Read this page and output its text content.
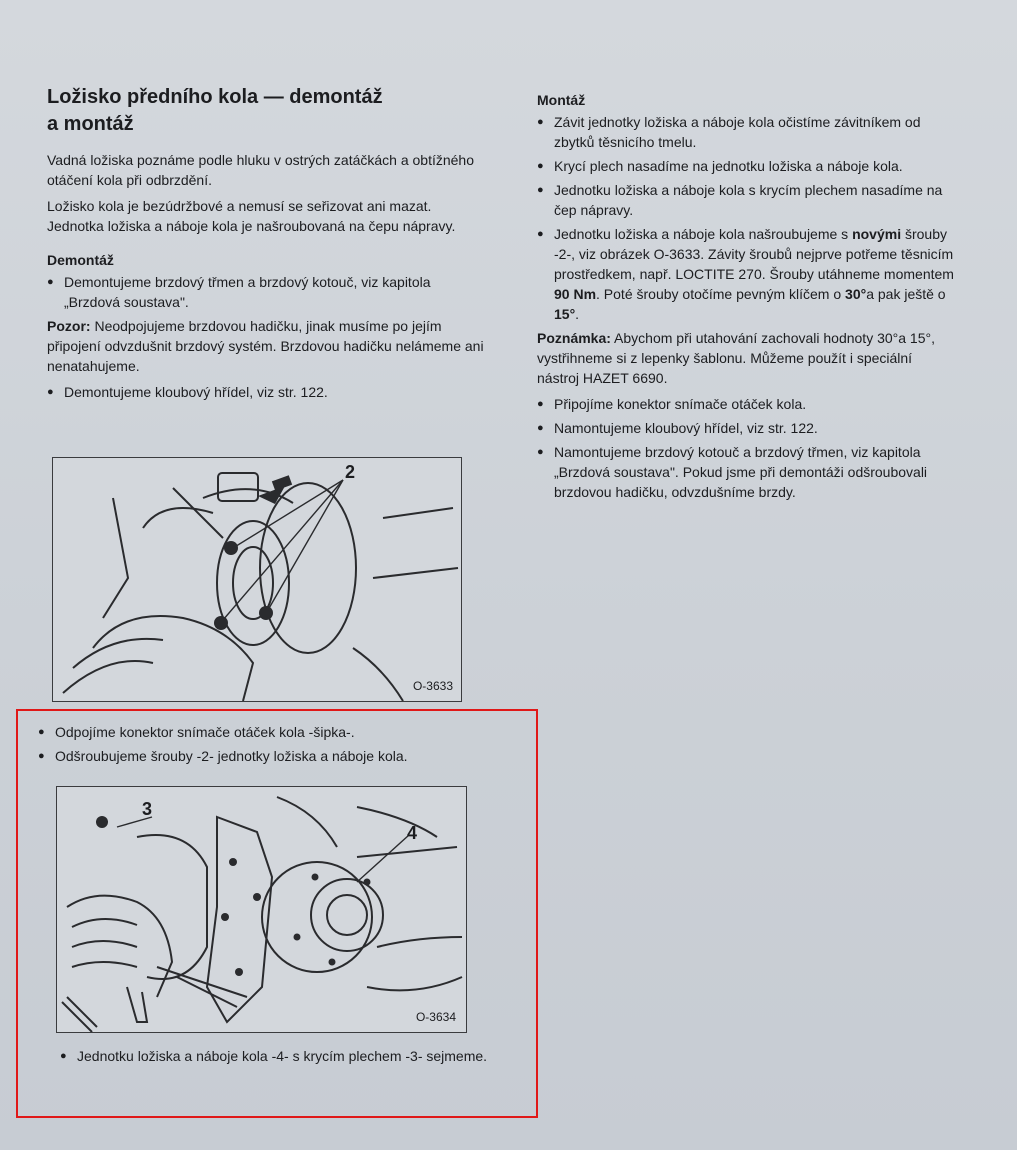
Ložisko předního kola — demontáž
a montáž

Vadná ložiska poznáme podle hluku v ostrých zatáčkách a obtížného otáčení kola při odbrzdění.

Ložisko kola je bezúdržbové a nemusí se seřizovat ani mazat. Jednotka ložiska a náboje kola je našroubovaná na čepu nápravy.

Demontáž
● Demontujeme brzdový třmen a brzdový kotouč, viz kapitola „Brzdová soustava".

Pozor: Neodpojujeme brzdovou hadičku, jinak musíme po jejím připojení odvzdušnit brzdový systém. Brzdovou hadičku nelámeme ani nenatahujeme.

● Demontujeme kloubový hřídel, viz str. 122.
2
O-3633
● Odpojíme konektor snímače otáček kola -šipka-.
● Odšroubujeme šrouby -2- jednotky ložiska a náboje kola.
3
4
O-3634
● Jednotku ložiska a náboje kola -4- s krycím plechem -3- sejmeme.
Montáž
● Závit jednotky ložiska a náboje kola očistíme závitníkem od zbytků těsnicího tmelu.
● Krycí plech nasadíme na jednotku ložiska a náboje kola.
● Jednotku ložiska a náboje kola s krycím plechem nasadíme na čep nápravy.
● Jednotku ložiska a náboje kola našroubujeme s novými šrouby -2-, viz obrázek O-3633. Závity šroubů nejprve potřeme těsnicím prostředkem, např. LOCTITE 270. Šrouby utáhneme momentem 90 Nm. Poté šrouby otočíme pevným klíčem o 30°a pak ještě o 15°.

Poznámka: Abychom při utahování zachovali hodnoty 30°a 15°, vystřihneme si z lepenky šablonu. Můžeme použít i speciální nástroj HAZET 6690.

● Připojíme konektor snímače otáček kola.
● Namontujeme kloubový hřídel, viz str. 122.
● Namontujeme brzdový kotouč a brzdový třmen, viz kapitola „Brzdová soustava". Pokud jsme při demontáži odšroubovali brzdovou hadičku, odvzdušníme brzdy.
